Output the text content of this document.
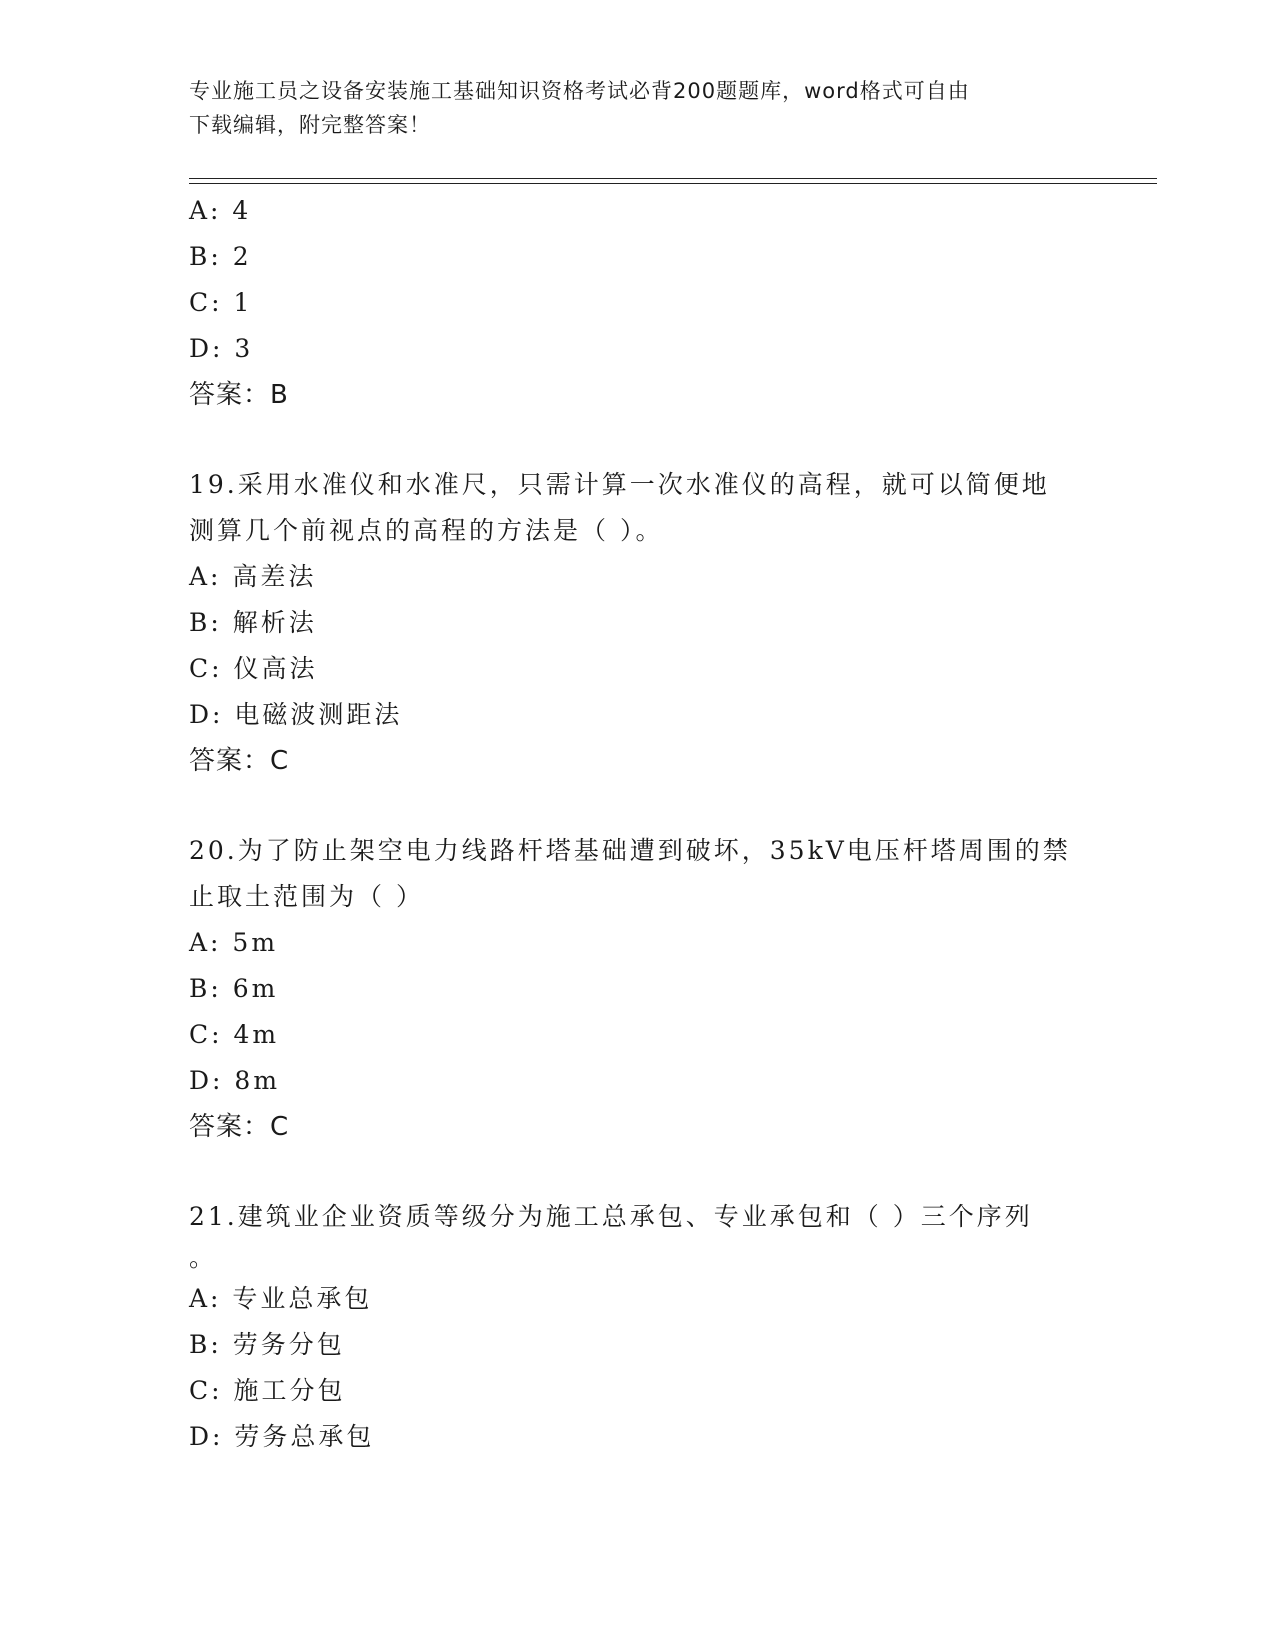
专业施工员之设备安装施工基础知识资格考试必背200题题库，word格式可自由
下载编辑，附完整答案！
A: 4
B: 2
C: 1
D: 3
答案：B
19.采用水准仪和水准尺，只需计算一次水准仪的高程，就可以简便地
测算几个前视点的高程的方法是（ ）。
A: 高差法
B: 解析法
C: 仪高法
D: 电磁波测距法
答案：C
20.为了防止架空电力线路杆塔基础遭到破坏，35kV电压杆塔周围的禁
止取土范围为（ ）
A: 5m
B: 6m
C: 4m
D: 8m
答案：C
21.建筑业企业资质等级分为施工总承包、专业承包和（ ）三个序列
。
A: 专业总承包
B: 劳务分包
C: 施工分包
D: 劳务总承包
